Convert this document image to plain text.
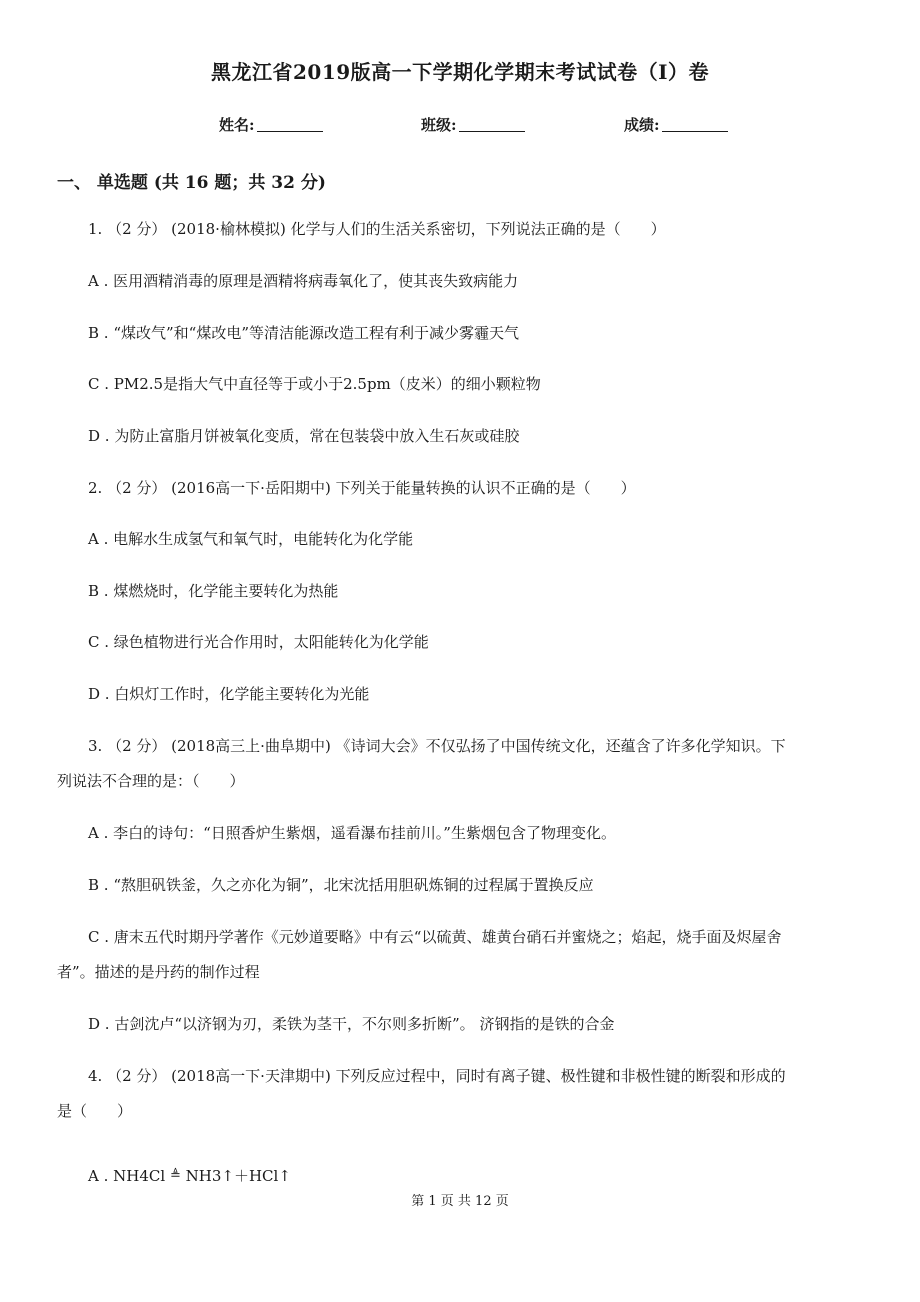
黑龙江省2019版高一下学期化学期末考试试卷（I）卷
姓名:	班级:	成绩:
一、 单选题 (共 16 题；共 32 分)
1. （2 分） (2018·榆林模拟) 化学与人们的生活关系密切，下列说法正确的是（　　）
A . 医用酒精消毒的原理是酒精将病毒氧化了，使其丧失致病能力
B . “煤改气”和“煤改电”等清洁能源改造工程有利于减少雾霾天气
C . PM2.5是指大气中直径等于或小于2.5pm（皮米）的细小颗粒物
D . 为防止富脂月饼被氧化变质，常在包装袋中放入生石灰或硅胶
2. （2 分） (2016高一下·岳阳期中) 下列关于能量转换的认识不正确的是（　　）
A . 电解水生成氢气和氧气时，电能转化为化学能
B . 煤燃烧时，化学能主要转化为热能
C . 绿色植物进行光合作用时，太阳能转化为化学能
D . 白炽灯工作时，化学能主要转化为光能
3. （2 分） (2018高三上·曲阜期中) 《诗词大会》不仅弘扬了中国传统文化，还蕴含了许多化学知识。下
列说法不合理的是：（　　）
A . 李白的诗句：“日照香炉生紫烟，遥看瀑布挂前川。”生紫烟包含了物理变化。
B . “熬胆矾铁釜，久之亦化为铜”，北宋沈括用胆矾炼铜的过程属于置换反应
C . 唐末五代时期丹学著作《元妙道要略》中有云“以硫黄、雄黄台硝石并蜜烧之；焰起，烧手面及烬屋舍
者”。描述的是丹药的制作过程
D . 古剑沈卢“以济钢为刃，柔铁为茎干，不尔则多折断”。 济钢指的是铁的合金
4. （2 分） (2018高一下·天津期中) 下列反应过程中，同时有离子键、极性键和非极性键的断裂和形成的
是（　　）
A . NH4Cl ≜ NH3↑＋HCl↑
第 1 页 共 12 页
